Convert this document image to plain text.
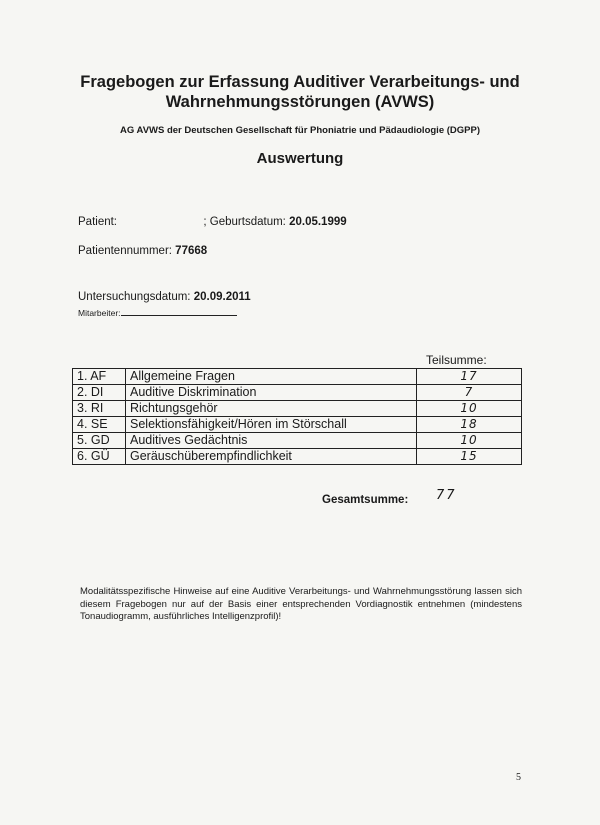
Fragebogen zur Erfassung Auditiver Verarbeitungs- und
Wahrnehmungsstörungen (AVWS)
AG AVWS der Deutschen Gesellschaft für Phoniatrie und Pädaudiologie (DGPP)
Auswertung
Patient:	; Geburtsdatum: 20.05.1999
Patientennummer: 77668
Untersuchungsdatum: 20.09.2011
Mitarbeiter:
Teilsumme:
1. AF	Allgemeine Fragen	17
2. DI	Auditive Diskrimination	7
3. RI	Richtungsgehör	10
4. SE	Selektionsfähigkeit/Hören im Störschall	18
5. GD	Auditives Gedächtnis	10
6. GÜ	Geräuschüberempfindlichkeit	15
Gesamtsumme: 77
Modalitätsspezifische Hinweise auf eine Auditive Verarbeitungs- und Wahrnehmungsstörung lassen sich diesem Fragebogen nur auf der Basis einer entsprechenden Vordiagnostik entnehmen (mindestens Tonaudiogramm, ausführliches Intelligenzprofil)!
5
